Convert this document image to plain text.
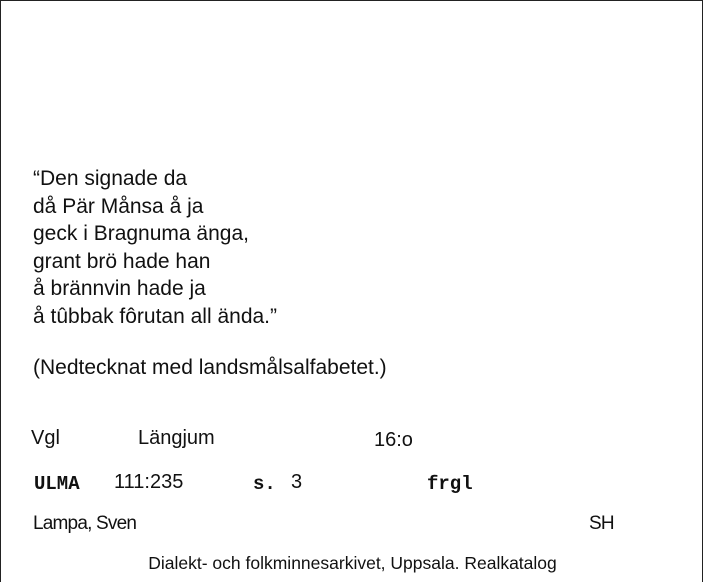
“Den signade da
då Pär Månsa å ja
geck i Bragnuma änga,
grant brö hade han
å brännvin hade ja
å tûbbak fôrutan all ända.”
(Nedtecknat med landsmålsalfabetet.)
Vgl	Längjum	16:o
ULMA 111:235	s. 3	frgl
Lampa, Sven	SH
Dialekt- och folkminnesarkivet, Uppsala. Realkatalog
